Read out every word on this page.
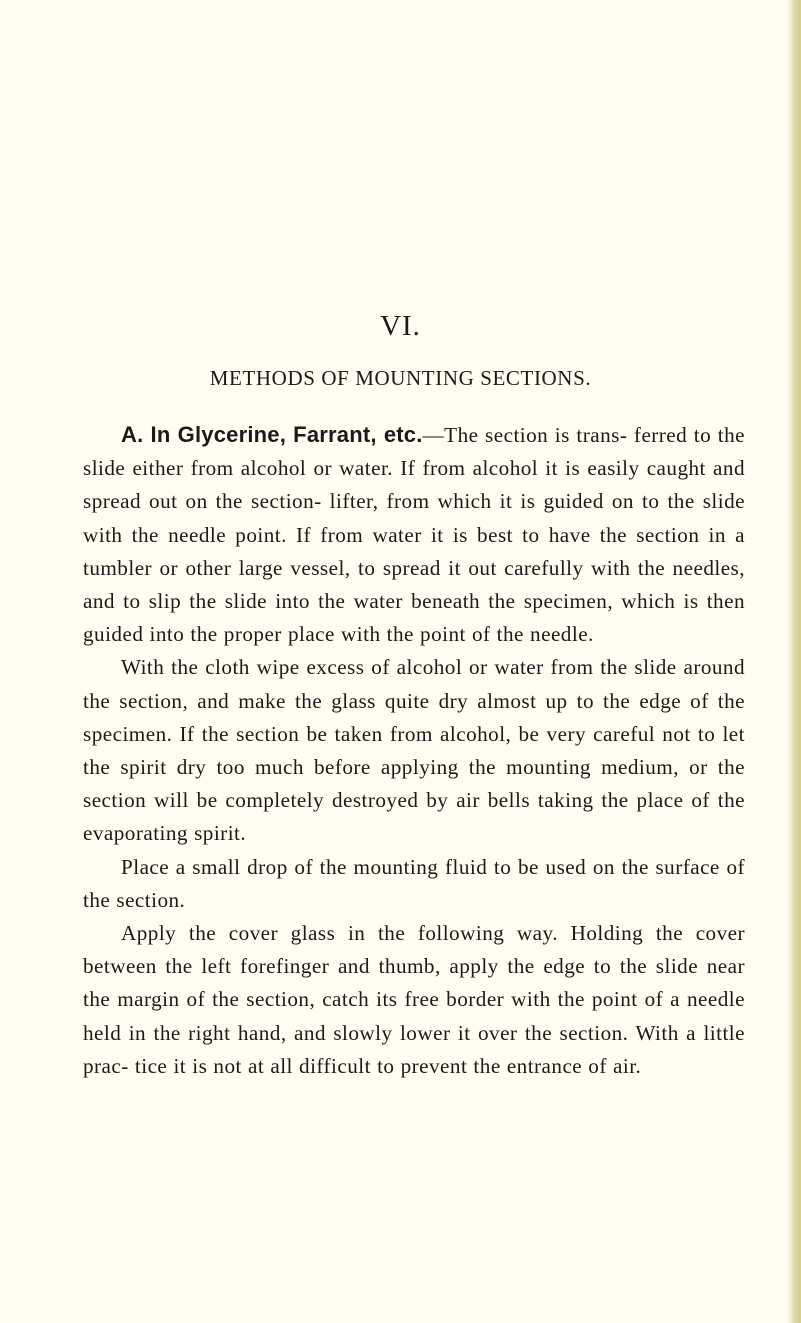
VI.
METHODS OF MOUNTING SECTIONS.

A. In Glycerine, Farrant, etc.—The section is trans- ferred to the slide either from alcohol or water. If from alcohol it is easily caught and spread out on the section- lifter, from which it is guided on to the slide with the needle point. If from water it is best to have the section in a tumbler or other large vessel, to spread it out carefully with the needles, and to slip the slide into the water beneath the specimen, which is then guided into the proper place with the point of the needle.

With the cloth wipe excess of alcohol or water from the slide around the section, and make the glass quite dry almost up to the edge of the specimen. If the section be taken from alcohol, be very careful not to let the spirit dry too much before applying the mounting medium, or the section will be completely destroyed by air bells taking the place of the evaporating spirit.

Place a small drop of the mounting fluid to be used on the surface of the section.

Apply the cover glass in the following way. Holding the cover between the left forefinger and thumb, apply the edge to the slide near the margin of the section, catch its free border with the point of a needle held in the right hand, and slowly lower it over the section. With a little prac- tice it is not at all difficult to prevent the entrance of air.
